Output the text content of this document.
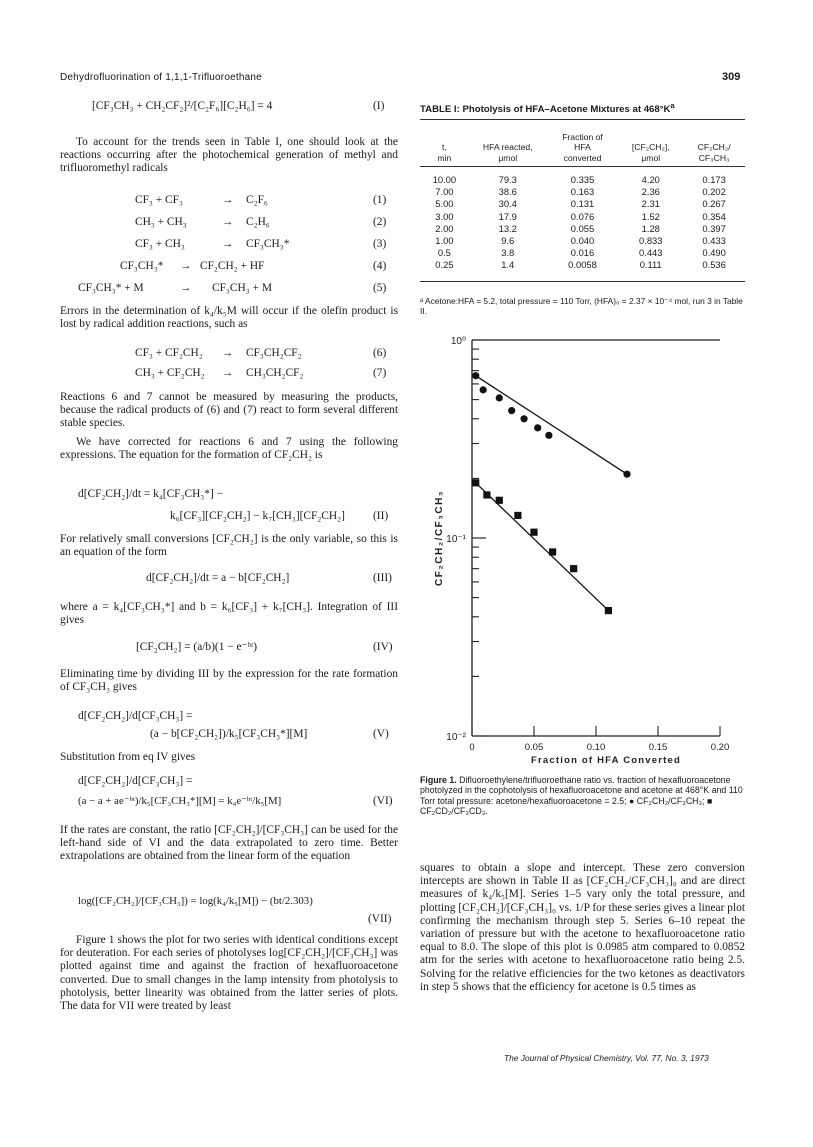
Dehydrofluorination of 1,1,1-Trifluoroethane	309
[CF₃CH₃ + CH₂CF₂]²/[C₂F₆][C₂H₆] = 4	(I)
To account for the trends seen in Table I, one should look at the reactions occurring after the photochemical generation of methyl and trifluoromethyl radicals
CF₃ + CF₃	→ C₂F₆	(1)
CH₃ + CH₃	→ C₂H₆	(2)
CF₃ + CH₃	→ CF₃CH₃*	(3)
CF₃CH₃* → CF₂CH₂ + HF	(4)
CF₃CH₃* + M	→ CF₃CH₃ + M	(5)
Errors in the determination of k₄/k₅M will occur if the olefin product is lost by radical addition reactions, such as
CF₃ + CF₂CH₂ → CF₃CH₂CF₂	(6)
CH₃ + CF₂CH₂ → CH₃CH₂CF₂	(7)
Reactions 6 and 7 cannot be measured by measuring the products, because the radical products of (6) and (7) react to form several different stable species.
We have corrected for reactions 6 and 7 using the following expressions. The equation for the formation of CF₂CH₂ is
d[CF₂CH₂]/dt = k₄[CF₃CH₃*] −
k₆[CF₃][CF₂CH₂] − k₇[CH₃][CF₂CH₂] (II)
For relatively small conversions [CF₂CH₂] is the only variable, so this is an equation of the form
d[CF₂CH₂]/dt = a − b[CF₂CH₂]	(III)
where a = k₄[CF₃CH₃*] and b = k₆[CF₃] + k₇[CH₃]. Integration of III gives
[CF₂CH₂] = (a/b)(1 − e⁻ᵇᵗ)	(IV)
Eliminating time by dividing III by the expression for the rate formation of CF₃CH₃ gives
d[CF₂CH₂]/d[CF₃CH₃] =
(a − b[CF₂CH₂])/k₅[CF₃CH₃*][M]	(V)
Substitution from eq IV gives
d[CF₂CH₂]/d[CF₃CH₃] =
(a − a + ae⁻ᵇᵗ)/k₅[CF₃CH₃*][M] = k₄e⁻ᵇᵗ/k₅[M]	(VI)
If the rates are constant, the ratio [CF₂CH₂]/[CF₃CH₃] can be used for the left-hand side of VI and the data extrapolated to zero time. Better extrapolations are obtained from the linear form of the equation
log([CF₂CH₂]/[CF₃CH₃]) = log(k₄/k₅[M]) − (bt/2.303)
(VII)
Figure 1 shows the plot for two series with identical conditions except for deuteration. For each series of photolyses log[CF₂CH₂]/[CF₃CH₃] was plotted against time and against the fraction of hexafluoroacetone converted. Due to small changes in the lamp intensity from photolysis to photolysis, better linearity was obtained from the latter series of plots. The data for VII were treated by least
TABLE I: Photolysis of HFA–Acetone Mixtures at $468^\circ K^a$
t,
min

HFA reacted,
μmol

Fraction of
HFA
converted

[CF₂CH₂],
μmol

CF₂CH₂/
CF₃CH₃
10.00	79.3	0.335	4.20	0.173
7.00	38.6	0.163	2.36	0.202
5.00	30.4	0.131	2.31	0.267
3.00	17.9	0.076	1.52	0.354
2.00	13.2	0.055	1.28	0.397
1.00	9.6	0.040	0.833	0.433
0.5	3.8	0.016	0.443	0.490
0.25	1.4	0.0058	0.111	0.536
ᵃ Acetone:HFA = 5.2, total pressure = 110 Torr, (HFA)₀ = 2.37 × 10⁻⁴ mol, run 3 in Table II.
0	0.05	0.10	0.15	0.20
10⁰
10⁻¹
10⁻²
Fraction of HFA Converted
CF₂CH₂/CF₃CH₃
Figure 1. Difluoroethylene/trifluoroethane ratio vs. fraction of hexafluoroacetone photolyzed in the cophotolysis of hexafluoroacetone and acetone at 468°K and 110 Torr total pressure: acetone/hexafluoroacetone = 2.5; ● CF₂CH₂/CF₃CH₃; ■ CF₂CD₂/CF₃CD₃.
squares to obtain a slope and intercept. These zero conversion intercepts are shown in Table II as [CF₂CH₂/CF₃CH₃]₀ and are direct measures of k₄/k₅[M]. Series 1–5 vary only the total pressure, and plotting [CF₂CH₂]/[CF₃CH₃]₀ vs. 1/P for these series gives a linear plot confirming the mechanism through step 5. Series 6–10 repeat the variation of pressure but with the acetone to hexafluoroacetone ratio equal to 8.0. The slope of this plot is 0.0985 atm compared to 0.0852 atm for the series with acetone to hexafluoroacetone ratio being 2.5. Solving for the relative efficiencies for the two ketones as deactivators in step 5 shows that the efficiency for acetone is 0.5 times as
The Journal of Physical Chemistry, Vol. 77, No. 3, 1973
